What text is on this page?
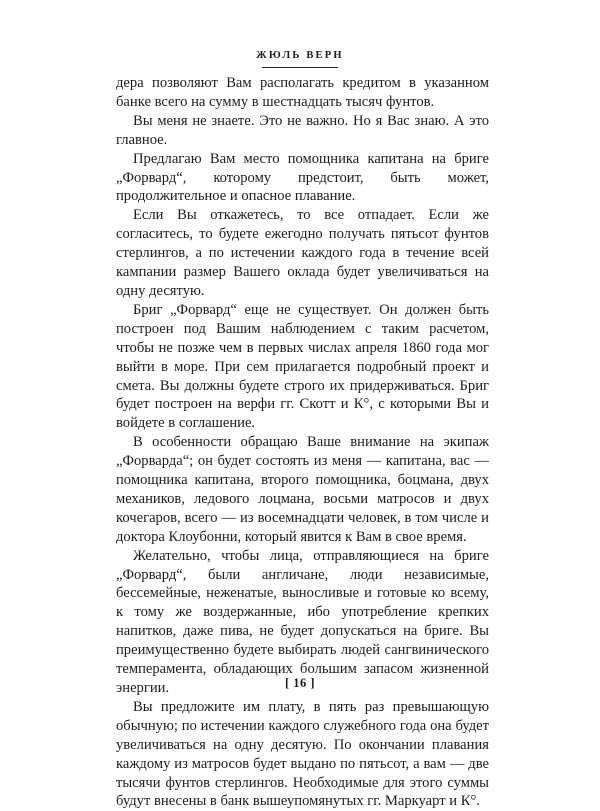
ЖЮЛЬ ВЕРН

дера позволяют Вам располагать кредитом в указанном банке всего на сумму в шестнадцать тысяч фунтов.

Вы меня не знаете. Это не важно. Но я Вас знаю. А это главное.

Предлагаю Вам место помощника капитана на бриге „Форвард“, которому предстоит, быть может, продолжительное и опасное плавание.

Если Вы откажетесь, то все отпадает. Если же согласитесь, то будете ежегодно получать пятьсот фунтов стерлингов, а по истечении каждого года в течение всей кампании размер Вашего оклада будет увеличиваться на одну десятую.

Бриг „Форвард“ еще не существует. Он должен быть построен под Вашим наблюдением с таким расчетом, чтобы не позже чем в первых числах апреля 1860 года мог выйти в море. При сем прилагается подробный проект и смета. Вы должны будете строго их придерживаться. Бриг будет построен на верфи гг. Скотт и К°, с которыми Вы и войдете в соглашение.

В особенности обращаю Ваше внимание на экипаж „Форварда“; он будет состоять из меня — капитана, вас — помощника капитана, второго помощника, боцмана, двух механиков, ледового лоцмана, восьми матросов и двух кочегаров, всего — из восемнадцати человек, в том числе и доктора Клоубонни, который явится к Вам в свое время.

Желательно, чтобы лица, отправляющиеся на бриге „Форвард“, были англичане, люди независимые, бессемейные, неженатые, выносливые и готовые ко всему, к тому же воздержанные, ибо употребление крепких напитков, даже пива, не будет допускаться на бриге. Вы преимущественно будете выбирать людей сангвинического темперамента, обладающих большим запасом жизненной энергии.

Вы предложите им плату, в пять раз превышающую обычную; по истечении каждого служебного года она будет увеличиваться на одну десятую. По окончании плавания каждому из матросов будет выдано по пятьсот, а вам — две тысячи фунтов стерлингов. Необходимые для этого суммы будут внесены в банк вышеупомянутых гг. Маркуарт и К°.

[ 16 ]
